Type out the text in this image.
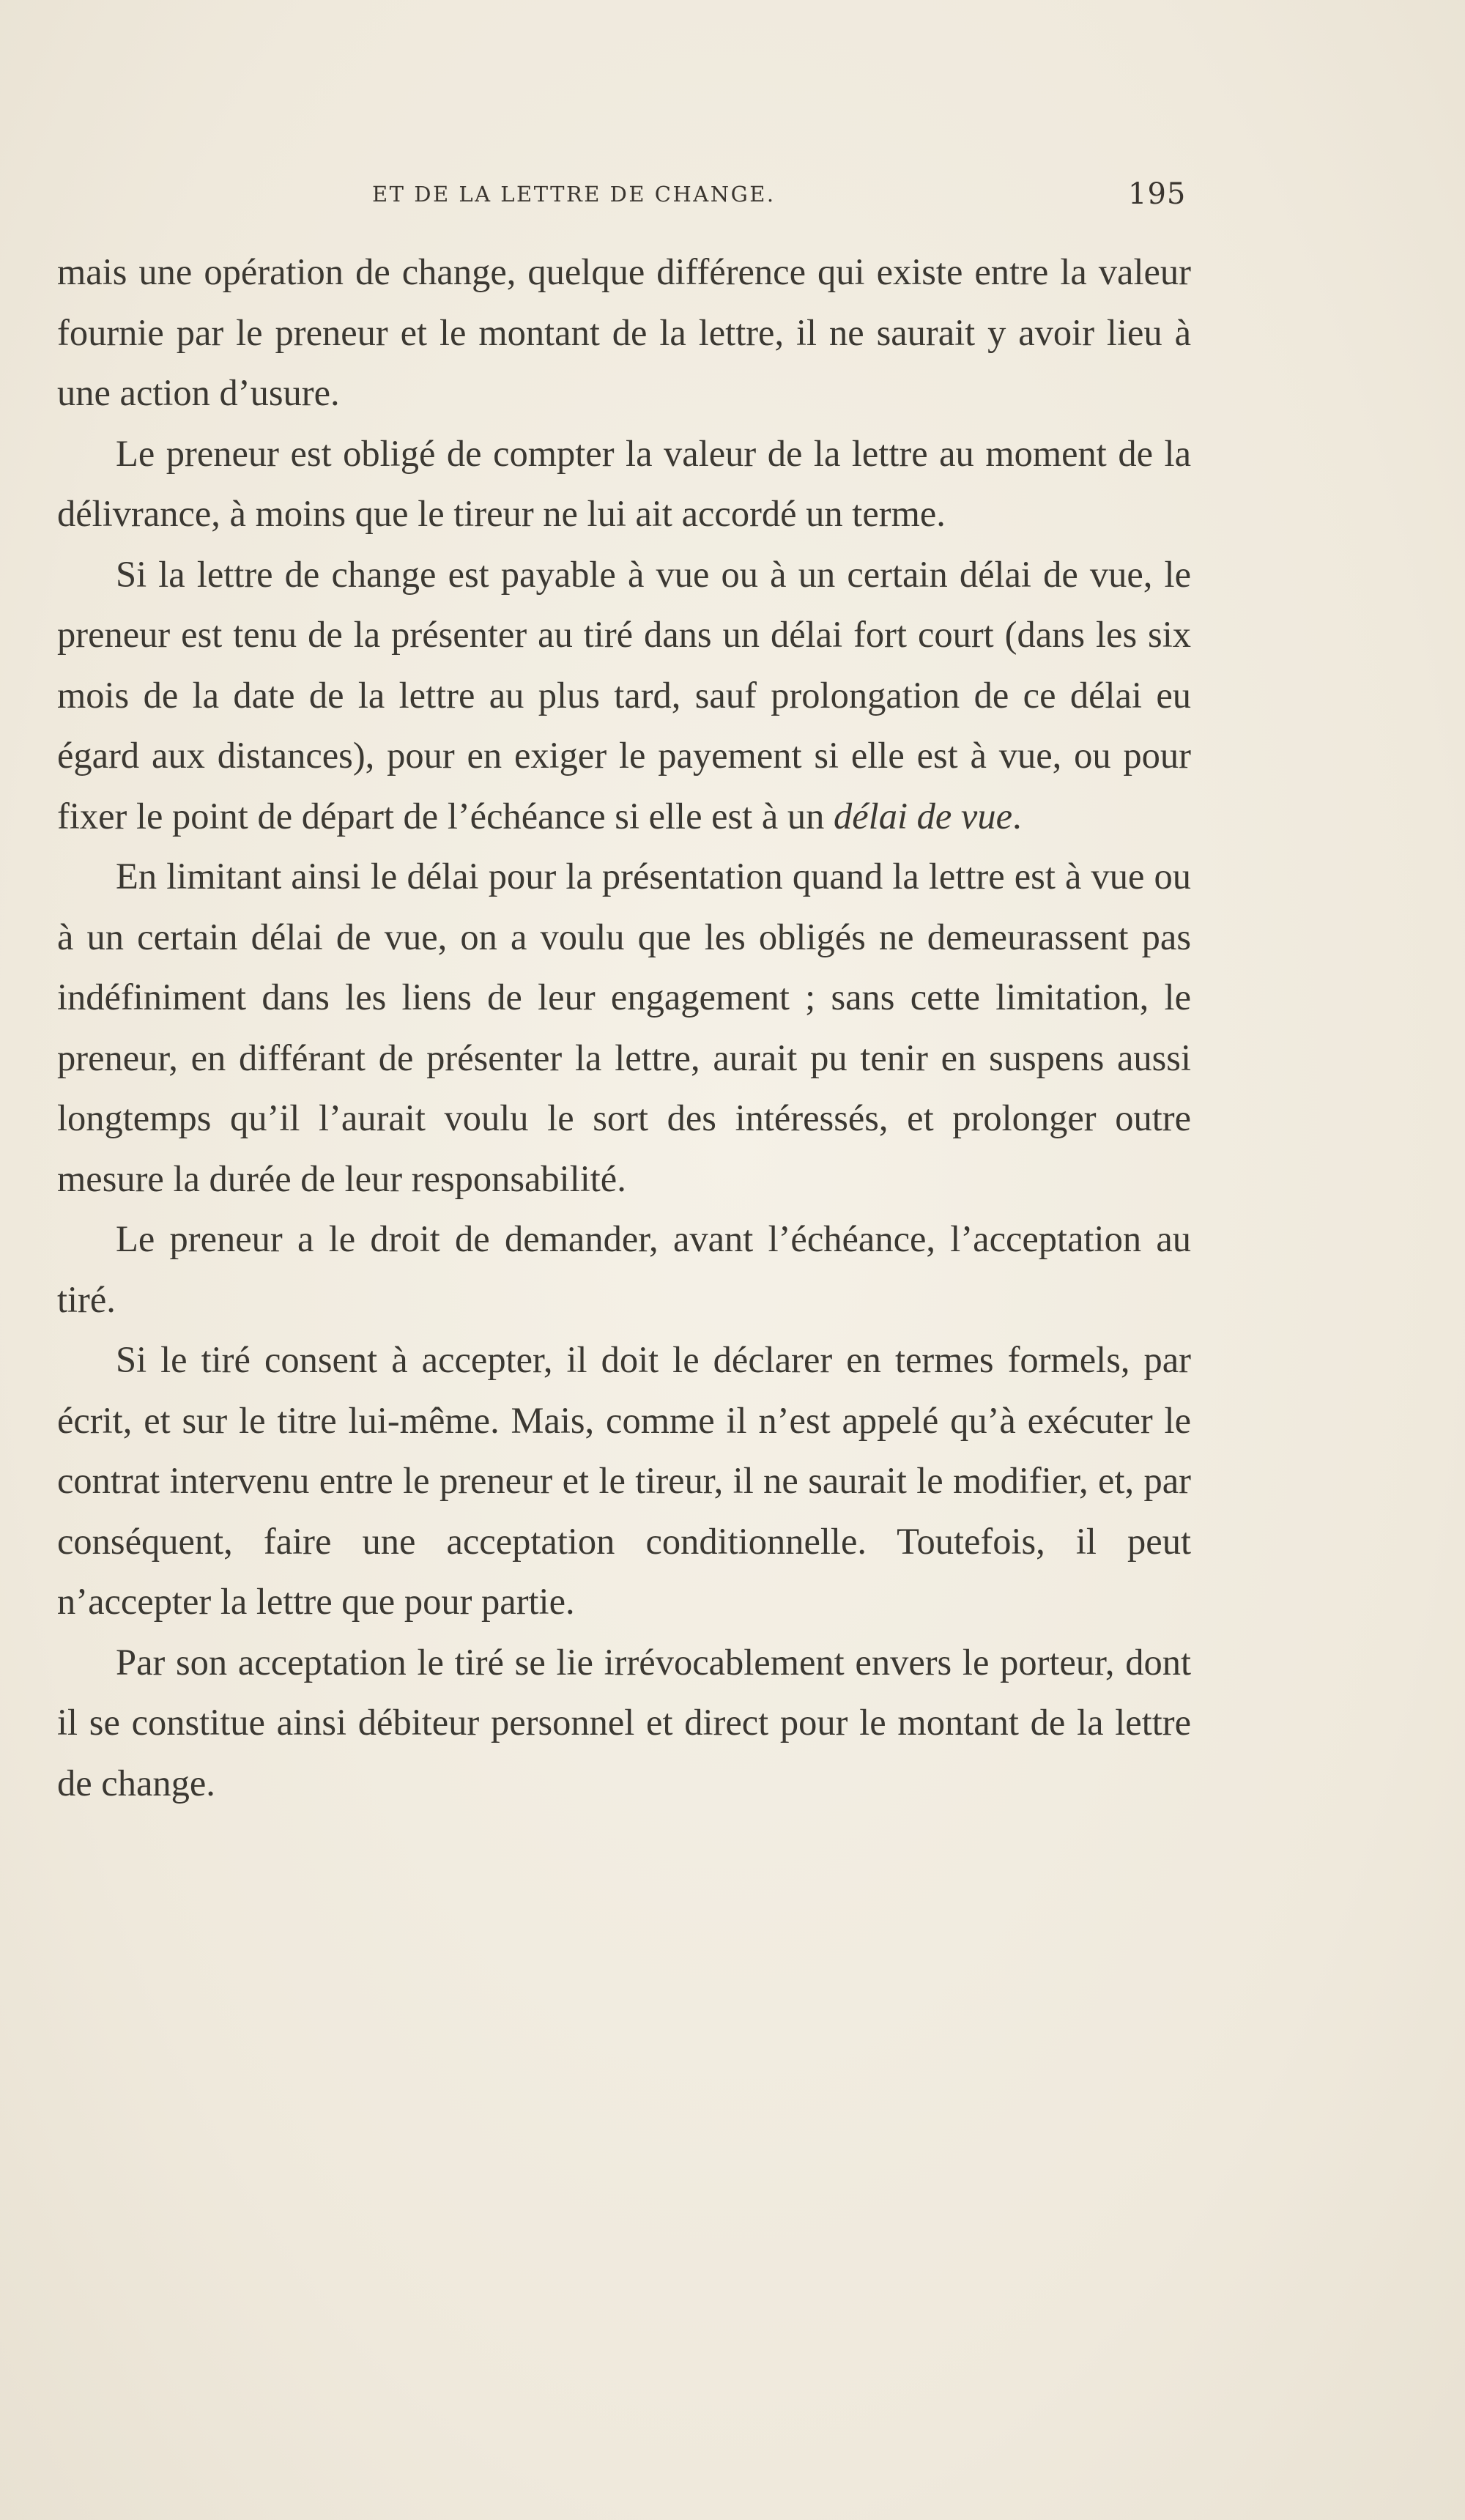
ET DE LA LETTRE DE CHANGE.	195

mais une opération de change, quelque différence qui existe entre la valeur fournie par le preneur et le montant de la lettre, il ne saurait y avoir lieu à une action d’usure.

Le preneur est obligé de compter la valeur de la lettre au moment de la délivrance, à moins que le tireur ne lui ait accordé un terme.

Si la lettre de change est payable à vue ou à un certain délai de vue, le preneur est tenu de la présenter au tiré dans un délai fort court (dans les six mois de la date de la lettre au plus tard, sauf prolongation de ce délai eu égard aux distances), pour en exiger le payement si elle est à vue, ou pour fixer le point de départ de l’échéance si elle est à un délai de vue.

En limitant ainsi le délai pour la présentation quand la lettre est à vue ou à un certain délai de vue, on a voulu que les obligés ne demeurassent pas indéfiniment dans les liens de leur engagement ; sans cette limitation, le preneur, en différant de présenter la lettre, aurait pu tenir en suspens aussi longtemps qu’il l’aurait voulu le sort des intéressés, et prolonger outre mesure la durée de leur responsabilité.

Le preneur a le droit de demander, avant l’échéance, l’acceptation au tiré.

Si le tiré consent à accepter, il doit le déclarer en termes formels, par écrit, et sur le titre lui-même. Mais, comme il n’est appelé qu’à exécuter le contrat intervenu entre le preneur et le tireur, il ne saurait le modifier, et, par conséquent, faire une acceptation conditionnelle. Toutefois, il peut n’accepter la lettre que pour partie.

Par son acceptation le tiré se lie irrévocablement envers le porteur, dont il se constitue ainsi débiteur personnel et direct pour le montant de la lettre de change.
